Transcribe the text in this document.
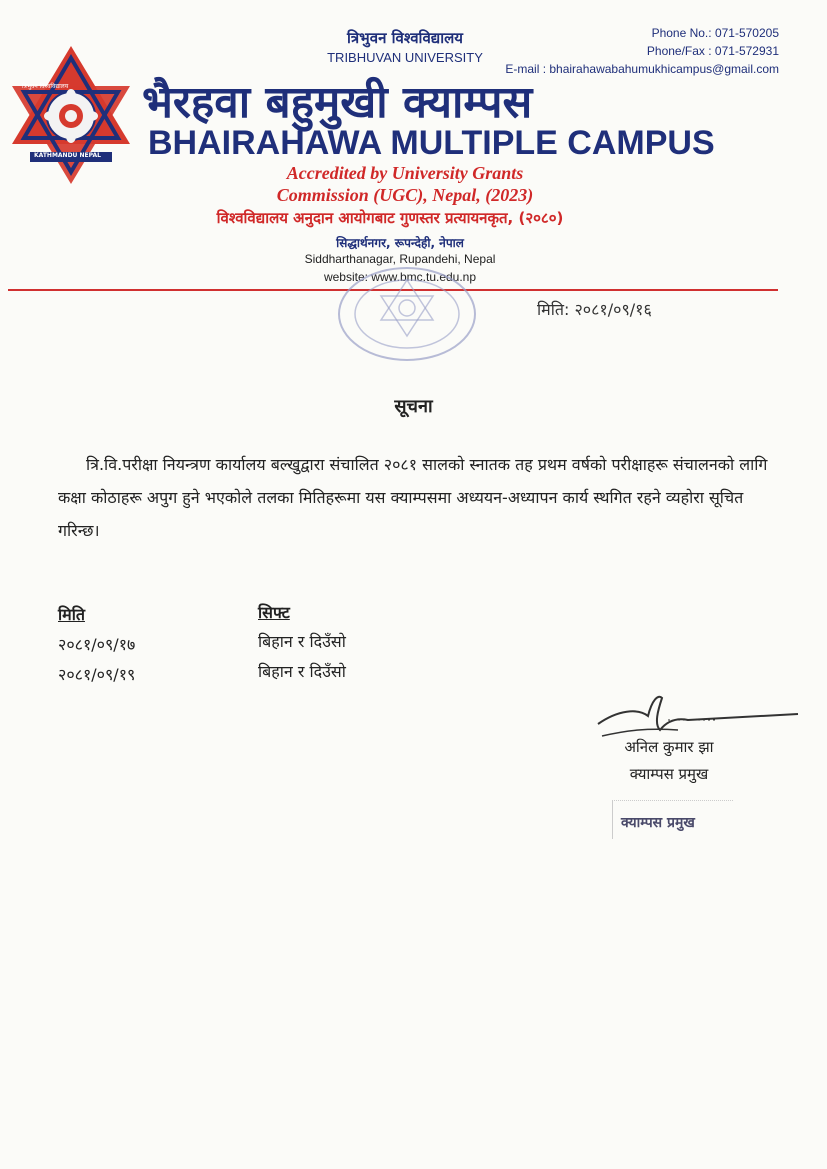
त्रिभुवन विश्वविद्यालय
KATHMANDU NEPAL
त्रिभुवन विश्वविद्यालय
TRIBHUVAN UNIVERSITY
Phone No.: 071-570205
Phone/Fax : 071-572931
E-mail : bhairahawabahumukhicampus@gmail.com
भैरहवा बहुमुखी क्याम्पस
BHAIRAHAWA MULTIPLE CAMPUS
Accredited by University Grants
Commission (UGC), Nepal, (2023)
विश्वविद्यालय अनुदान आयोगबाट गुणस्तर प्रत्यायनकृत, (२०८०)
सिद्धार्थनगर, रूपन्देही, नेपाल
Siddharthanagar, Rupandehi, Nepal
website: www.bmc.tu.edu.np
मिति: २०८१/०९/१६
सूचना
त्रि.वि.परीक्षा नियन्त्रण कार्यालय बल्खुद्वारा संचालित २०८१ सालको स्नातक तह प्रथम वर्षको परीक्षाहरू संचालनको लागि कक्षा कोठाहरू अपुग हुने भएकोले तलका मितिहरूमा यस क्याम्पसमा अध्ययन-अध्यापन कार्य स्थगित रहने व्यहोरा सूचित गरिन्छ।
मिति	सिफ्ट
२०८१/०९/१७	बिहान र दिउँसो
२०८१/०९/१९	बिहान र दिउँसो
अनिल कुमार झा
क्याम्पस प्रमुख
क्याम्पस प्रमुख
